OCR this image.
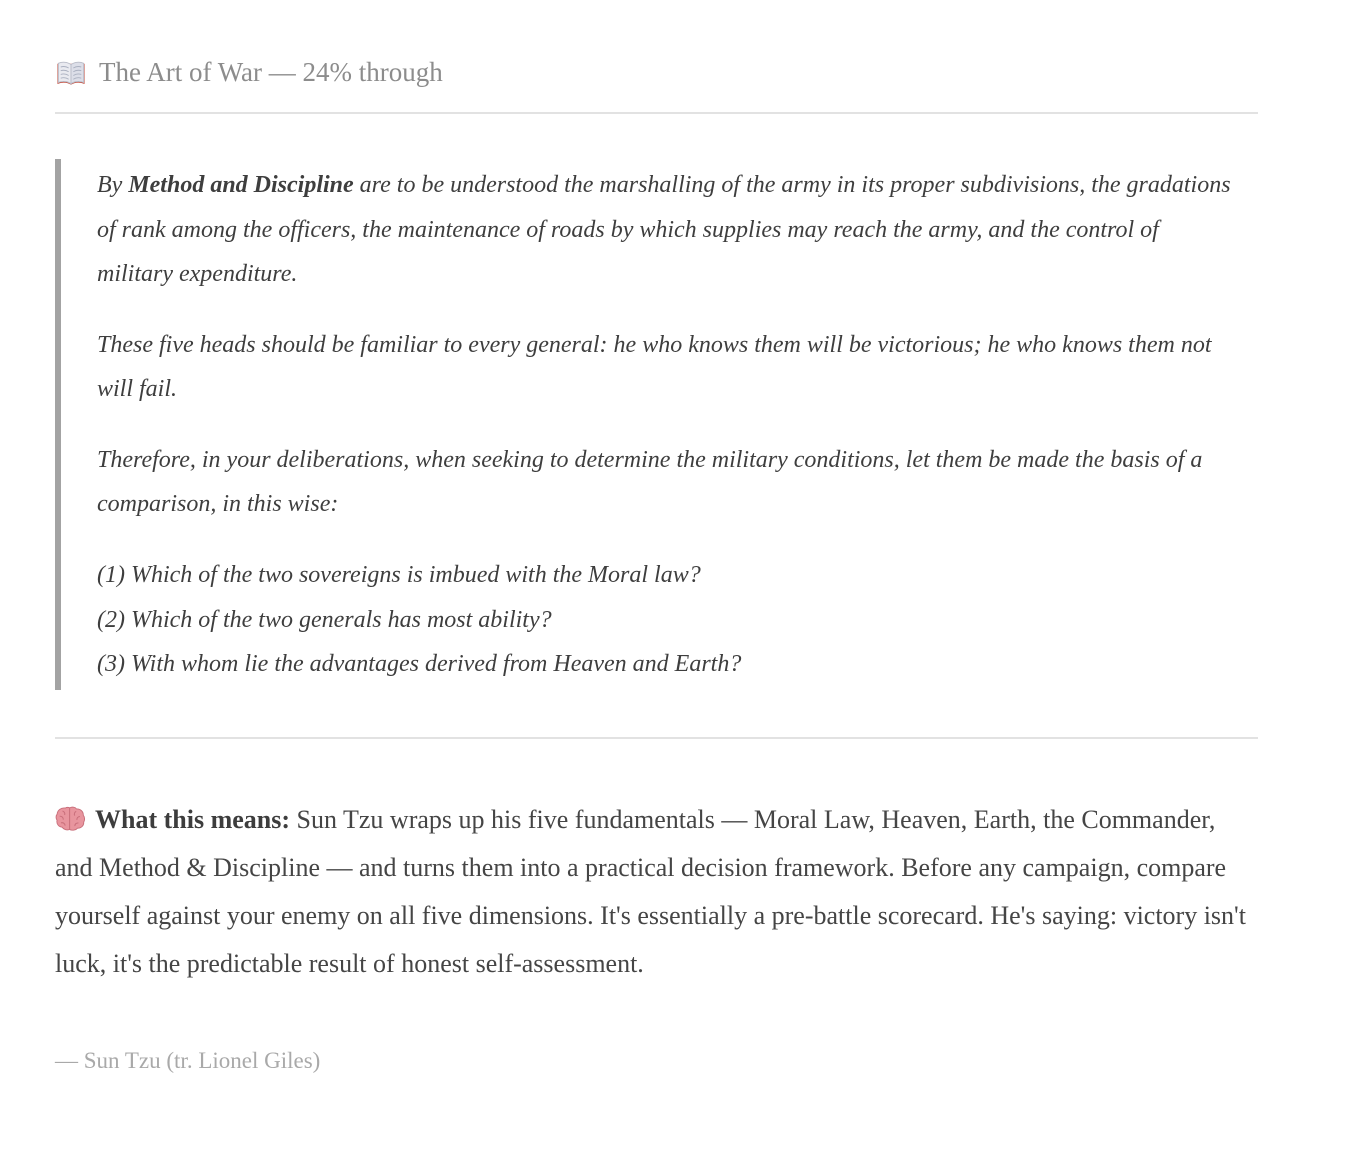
The Art of War — 24% through

By Method and Discipline are to be understood the marshalling of the army in its proper subdivisions, the gradations of rank among the officers, the maintenance of roads by which supplies may reach the army, and the control of military expenditure.

These five heads should be familiar to every general: he who knows them will be victorious; he who knows them not will fail.

Therefore, in your deliberations, when seeking to determine the military conditions, let them be made the basis of a comparison, in this wise:

(1) Which of the two sovereigns is imbued with the Moral law?
(2) Which of the two generals has most ability?
(3) With whom lie the advantages derived from Heaven and Earth?

What this means: Sun Tzu wraps up his five fundamentals — Moral Law, Heaven, Earth, the Commander, and Method & Discipline — and turns them into a practical decision framework. Before any campaign, compare yourself against your enemy on all five dimensions. It's essentially a pre-battle scorecard. He's saying: victory isn't luck, it's the predictable result of honest self-assessment.

— Sun Tzu (tr. Lionel Giles)
